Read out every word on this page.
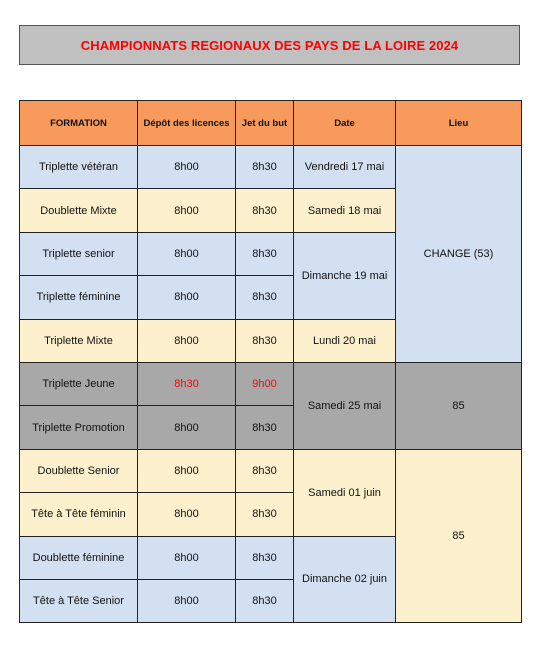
CHAMPIONNATS REGIONAUX DES PAYS DE LA LOIRE 2024
FORMATION	Dépôt des licences	Jet du but	Date	Lieu
Triplette vétéran	8h00	8h30	Vendredi 17 mai	CHANGE (53)
Doublette Mixte	8h00	8h30	Samedi 18 mai	
Triplette senior	8h00	8h30	Dimanche 19 mai	
Triplette féminine	8h00	8h30		
Triplette Mixte	8h00	8h30	Lundi 20 mai	
Triplette Jeune	8h30	9h00	Samedi 25 mai	85
Triplette Promotion	8h00	8h30		
Doublette Senior	8h00	8h30	Samedi 01 juin	85
Tête à Tête féminin	8h00	8h30		
Doublette féminine	8h00	8h30	Dimanche 02 juin	
Tête à Tête Senior	8h00	8h30		
